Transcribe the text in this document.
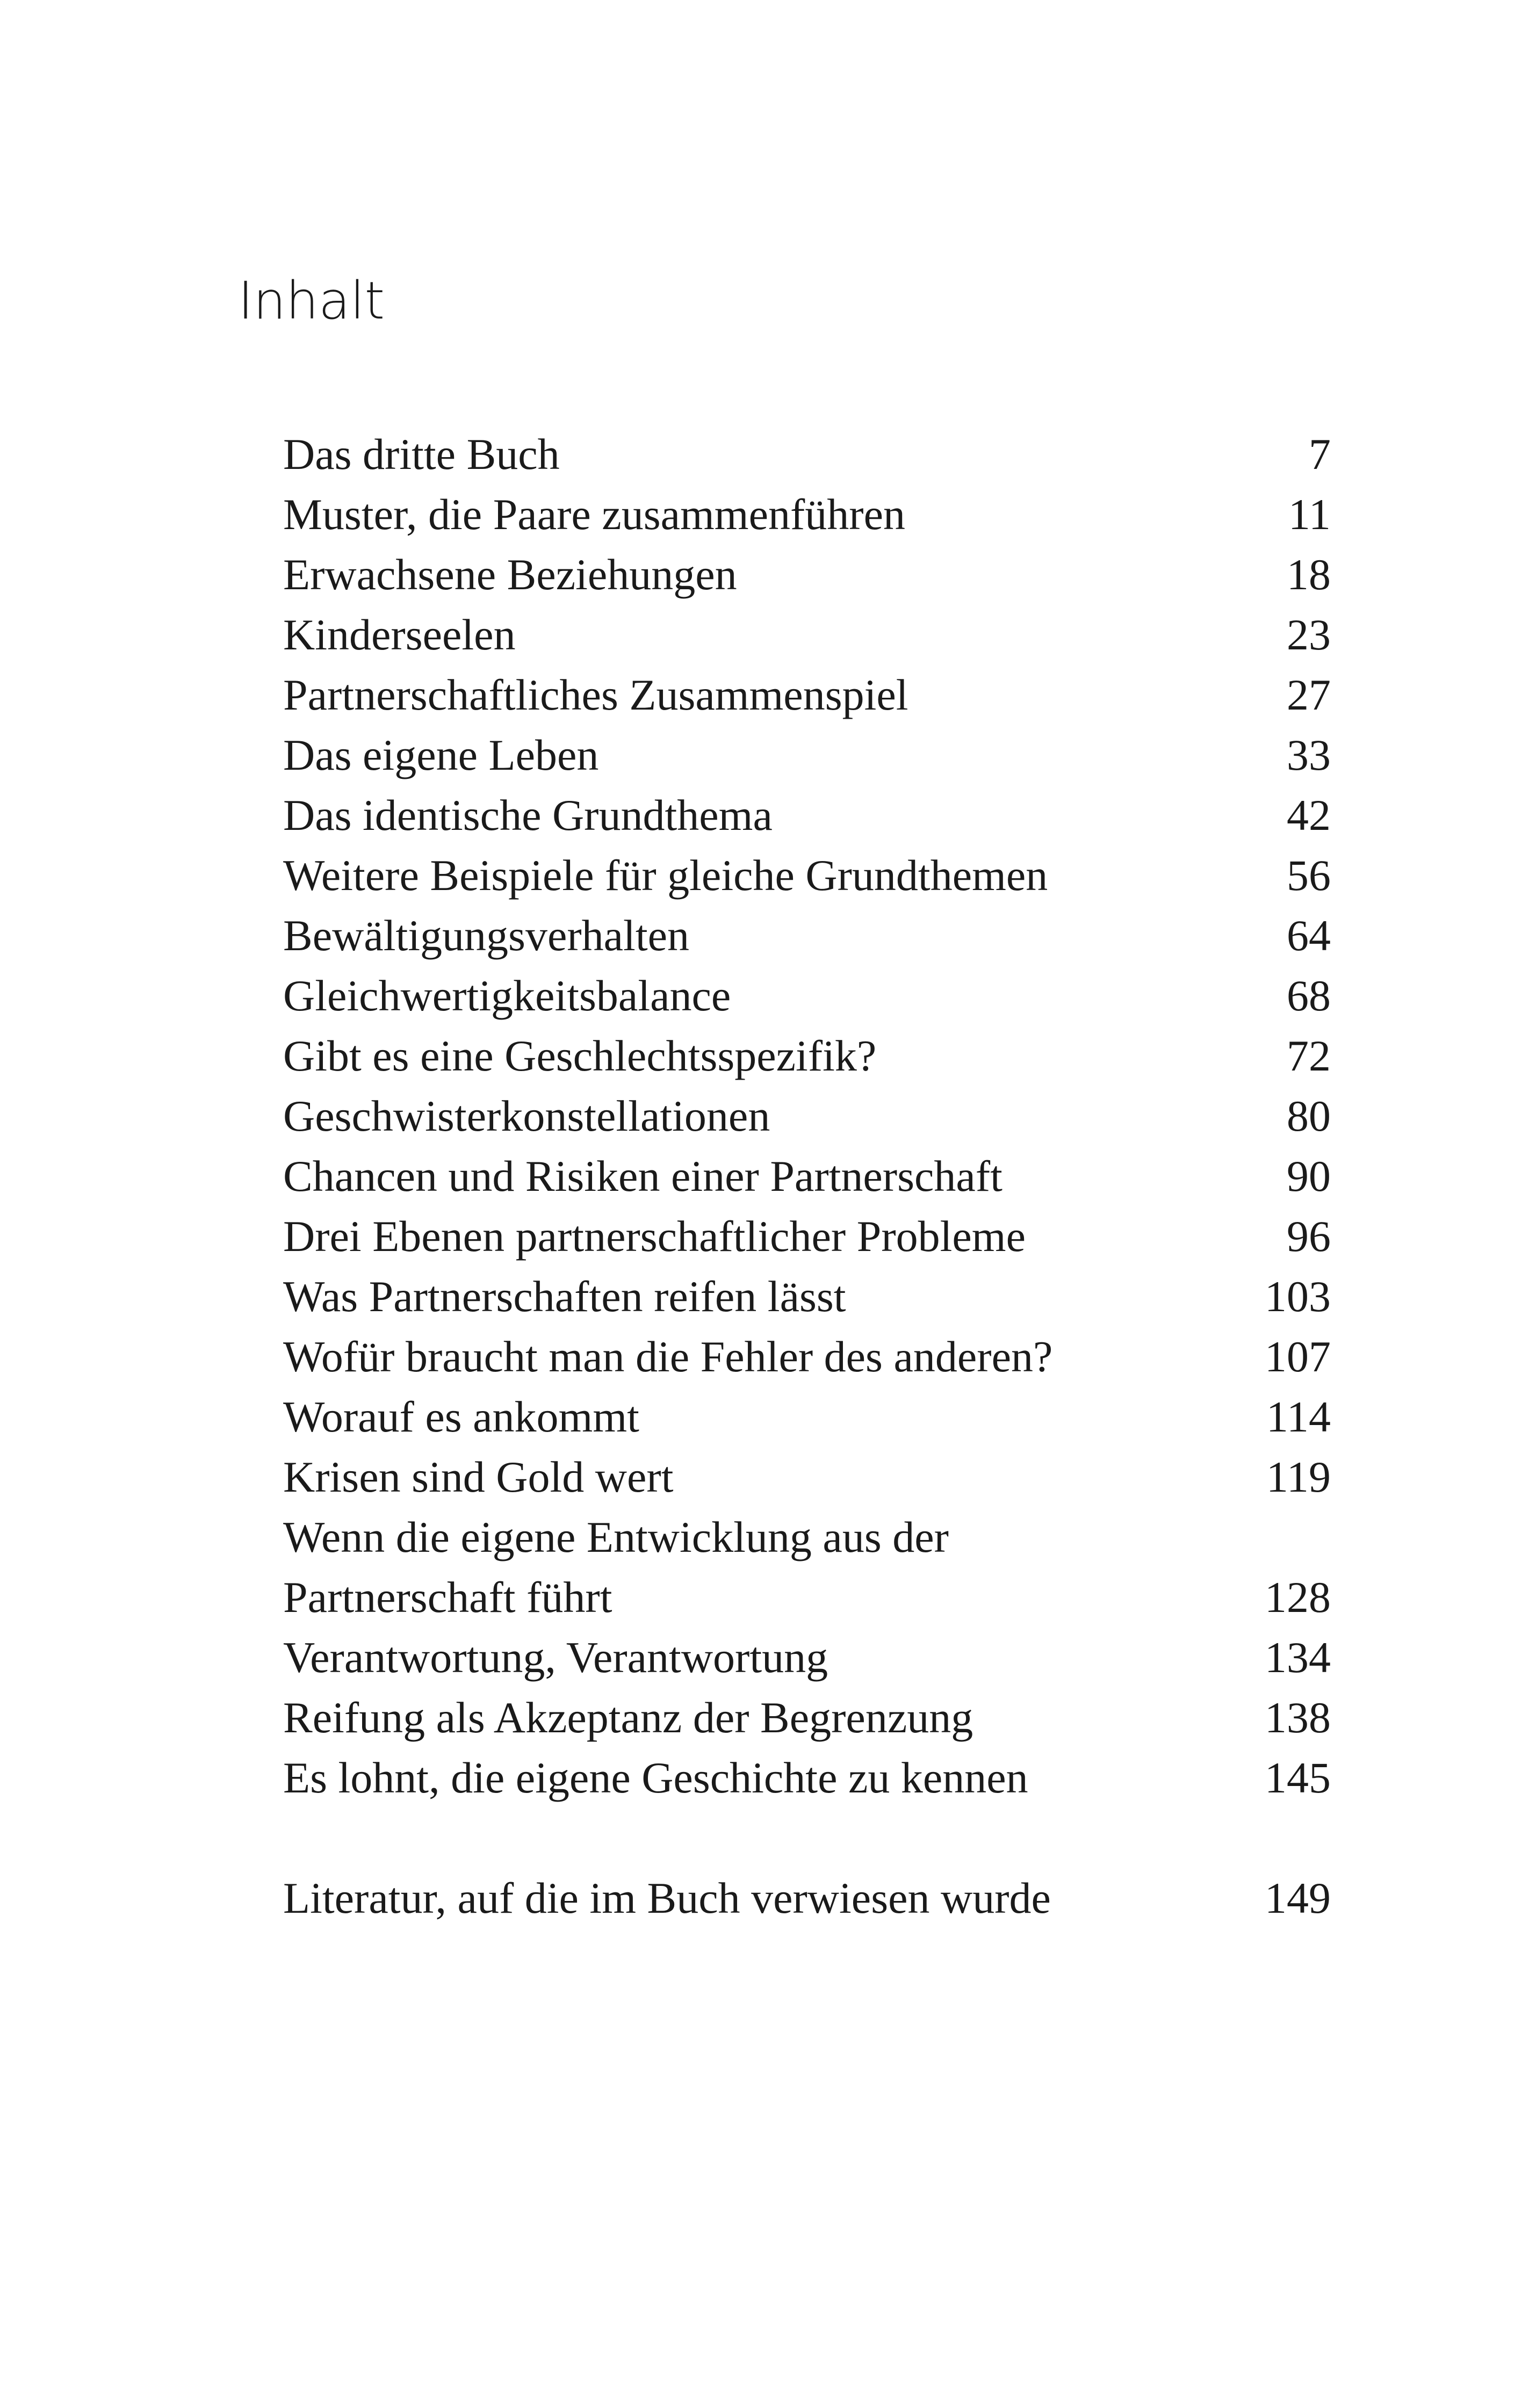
Inhalt
Das dritte Buch	7
Muster, die Paare zusammenführen	11
Erwachsene Beziehungen	18
Kinderseelen	23
Partnerschaftliches Zusammenspiel	27
Das eigene Leben	33
Das identische Grundthema	42
Weitere Beispiele für gleiche Grundthemen	56
Bewältigungsverhalten	64
Gleichwertigkeitsbalance	68
Gibt es eine Geschlechtsspezifik?	72
Geschwisterkonstellationen	80
Chancen und Risiken einer Partnerschaft	90
Drei Ebenen partnerschaftlicher Probleme	96
Was Partnerschaften reifen lässt	103
Wofür braucht man die Fehler des anderen?	107
Worauf es ankommt	114
Krisen sind Gold wert	119
Wenn die eigene Entwicklung aus der
Partnerschaft führt	128
Verantwortung, Verantwortung	134
Reifung als Akzeptanz der Begrenzung	138
Es lohnt, die eigene Geschichte zu kennen	145
Literatur, auf die im Buch verwiesen wurde	149
